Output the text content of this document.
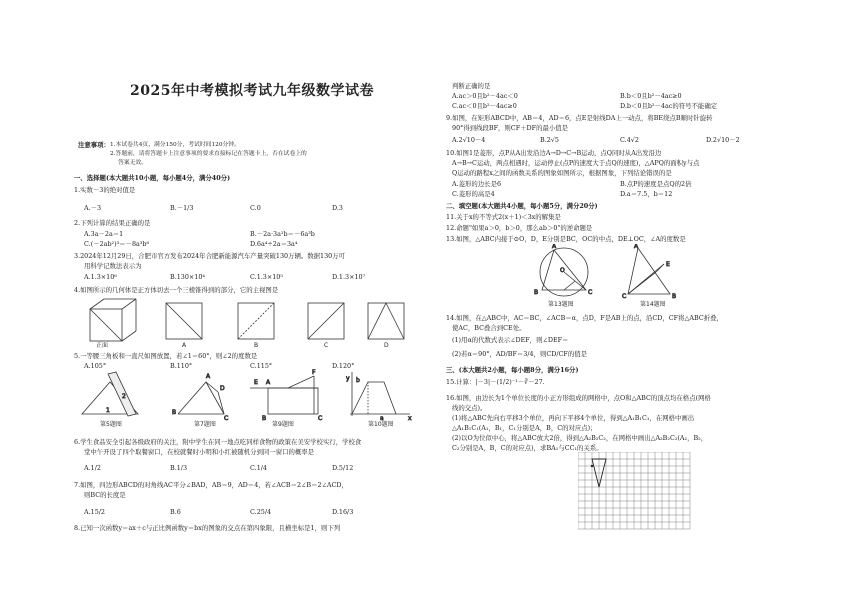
2025年中考模拟考试九年级数学试卷
注意事项： 1.本试卷共4页，满分150分，考试时间120分钟。
2.答题前，请将答题卡上注意事项的要求直接标记在答题卡上，否在试卷上的
答案无效。
一、选择题(本大题共10小题，每小题4分，满分40分)
1.实数－3的绝对值是
A.－3	B.－1/3	C.0	D.3
2.下列计算的结果正确的是
A.3a－2a＝1	B.－2a·3a²b＝－6a³b
C.(－2ab²)³＝－8a³b⁶	D.6a⁴÷2a＝3a⁴
3.2024年12月29日，合肥市官方发布2024年合肥新能源汽车产量突破130万辆。数据130万可
用科学记数法表示为
A.1.3×10⁶	B.130×10⁴	C.1.3×10⁵	D.1.3×10⁷
4.如图所示的几何体是正方体切去一个三棱锥得到的部分，它的主视图是
正面	A	B	C	D
5.一等腰三角板和一直尺如图放置，若∠1＝60°，则∠2的度数是
A.105°	B.110°	C.115°	D.120°
2
1
第5题图
B
A
D
C
第7题图
E A
F
B	C
第9题图
y
x
b
a
第10题图
6.学生食品安全引起各级政府的关注，附中学生在同一地点吃同样食物的政策在美安学校实行，学校食
堂中午开设了四个取餐窗口，在校就餐时小明和小红被随机分到同一窗口的概率是
A.1/2	B.1/3	C.1/4	D.5/12
7.如图，四边形ABCD的对角线AC平分∠BAD，AB＝9，AD＝4，若∠ACB＝2∠B＝2∠ACD，
则BC的长度是
A.15/2	B.6	C.25/4	D.16/3
8.已知一次函数y＝ax＋c与正比例函数y＝bx的图象的交点在第四象限，且横坐标是1，则下列
判断正确的是
A.ac＞0且b²－4ac＜0	B.b＜0且b²－4ac≥0
C.ac＜0且b²－4ac≥0	D.b＜0且b²－4ac的符号不能确定
9.如图，在矩形ABCD中，AB＝4，AD＝6，点E是射线DA上一动点，将BE绕点B顺时针旋转
90°得到线段BF，则CF＋DF的最小值是
A.2√10－4	B.2√5	C.4√2	D.2√10－2
10.如图1是菱形，点P从A出发沿边A→D→C→B运动，点Q同时从A出发沿边
A→B→C运动，两点相遇时，运动停止(点P的速度大于点Q的速度)，△APQ的面积y与点
Q运动的路程x之间的函数关系的图象如图所示，根据图象，下列结论错误的是
A.菱形的边长是6	B.点P的速度是点Q的2倍
C.菱形的高是4	D.a＝7.5，b＝12
二、填空题(本大题共4小题，每小题5分，满分20分)
11.关于x的不等式2(x＋1)＜3x的解集是
12.命题"如果a＞0，b＞0，那么ab＞0"的逆命题是
13.如图，△ABC内接于⊙O，D，E分别是BC，OC的中点，DE⊥OC，∠A的度数是
A
B	C
O
第13题图
A
C	B
E
第14题图
14.如图，在△ABC中，AC＝BC，∠ACB＝α，点D，F是AB上的点，沿CD，CF将△ABC折叠，
使AC，BC叠合到CE处。
(1)用α的代数式表示∠DEF，则∠DEF＝
(2)若α＝90°，AD/BF＝3/4，则CD/CF的值是
三、(本大题共2小题，每小题8分，满分16分)
15.计算：|－3|－(1/2)⁻¹－∛－27.
16.如图，由边长为1个单位长度的小正方形组成的网格中，点O和△ABC的顶点均在格点(网格
线的交点)。
(1)将△ABC先向右平移3个单位，再向下平移4个单位，得到△A₁B₁C₁，在网格中画出
△A₁B₁C₁(A₁，B₁，C₁分别是A，B，C的对应点)；
(2)以O为位似中心，将△ABC放大2倍，得到△A₂B₂C₂，在网格中画出△A₂B₂C₂(A₂，B₂，
C₂分别是A，B，C的对应点)，求BA₁与CC₁的关系。
